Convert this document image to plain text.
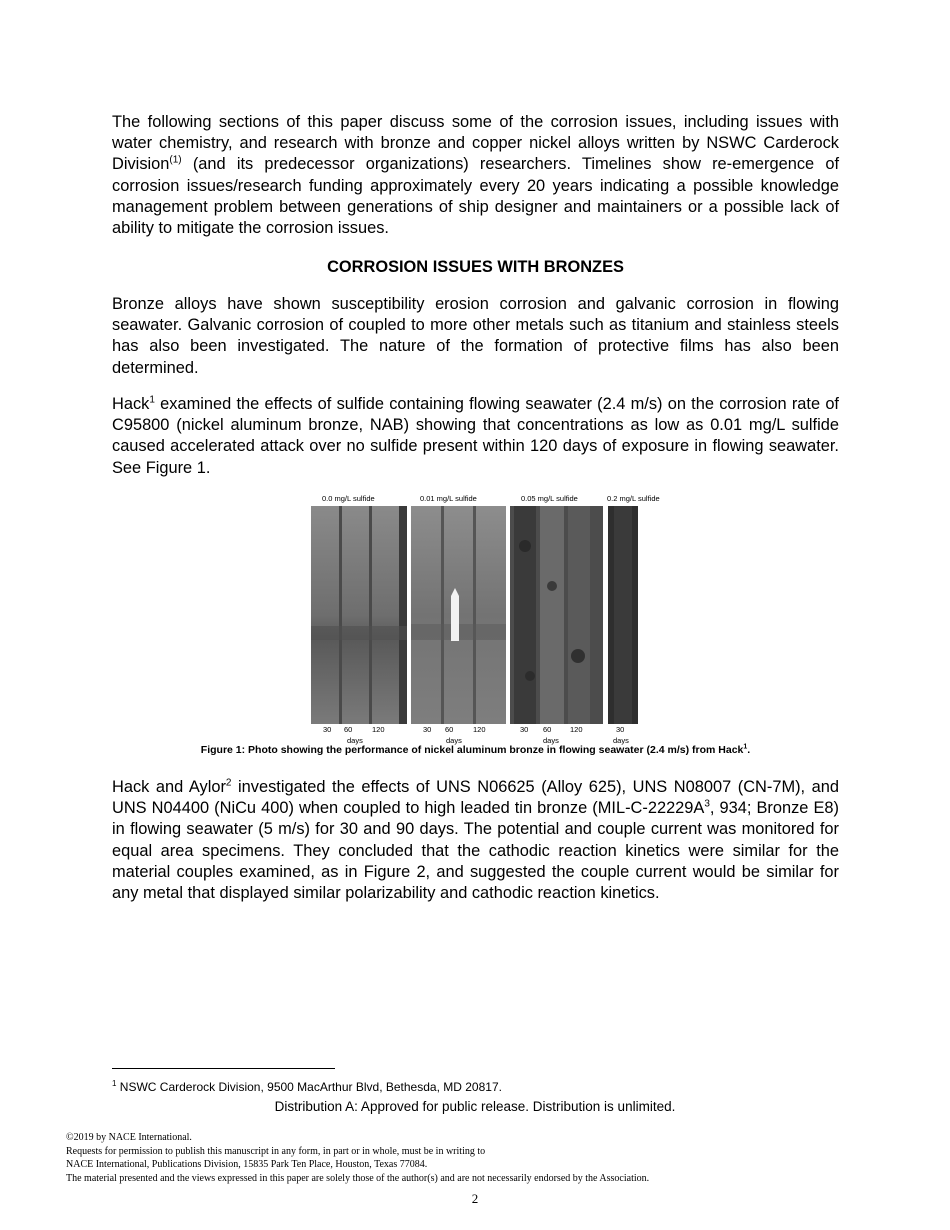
The following sections of this paper discuss some of the corrosion issues, including issues with water chemistry, and research with bronze and copper nickel alloys written by NSWC Carderock Division$^{(1)}$ (and its predecessor organizations) researchers. Timelines show re-emergence of corrosion issues/research funding approximately every 20 years indicating a possible knowledge management problem between generations of ship designer and maintainers or a possible lack of ability to mitigate the corrosion issues.

CORROSION ISSUES WITH BRONZES

Bronze alloys have shown susceptibility erosion corrosion and galvanic corrosion in flowing seawater. Galvanic corrosion of coupled to more other metals such as titanium and stainless steels has also been investigated. The nature of the formation of protective films has also been determined.

Hack$^1$ examined the effects of sulfide containing flowing seawater (2.4 m/s) on the corrosion rate of C95800 (nickel aluminum bronze, NAB) showing that concentrations as low as 0.01 mg/L sulfide caused accelerated attack over no sulfide present within 120 days of exposure in flowing seawater. See Figure 1.

0.0 mg/L sulfide	0.01 mg/L sulfide	0.05 mg/L sulfide	0.2 mg/L sulfide
30 60	120
days
30 60	120
days
30 60 120
days
30
days

Figure 1: Photo showing the performance of nickel aluminum bronze in flowing seawater (2.4 m/s) from Hack$^1$.

Hack and Aylor$^2$ investigated the effects of UNS N06625 (Alloy 625), UNS N08007 (CN-7M), and UNS N04400 (NiCu 400) when coupled to high leaded tin bronze ($MIL-C-22229A^3$, 934; Bronze E8) in flowing seawater (5 m/s) for 30 and 90 days. The potential and couple current was monitored for equal area specimens. They concluded that the cathodic reaction kinetics were similar for the material couples examined, as in Figure 2, and suggested the couple current would be similar for any metal that displayed similar polarizability and cathodic reaction kinetics.

$^1$ NSWC Carderock Division, 9500 MacArthur Blvd, Bethesda, MD 20817.

Distribution A: Approved for public release. Distribution is unlimited.

©2019 by NACE International.
Requests for permission to publish this manuscript in any form, in part or in whole, must be in writing to
NACE International, Publications Division, 15835 Park Ten Place, Houston, Texas 77084.
The material presented and the views expressed in this paper are solely those of the author(s) and are not necessarily endorsed by the Association.

2
